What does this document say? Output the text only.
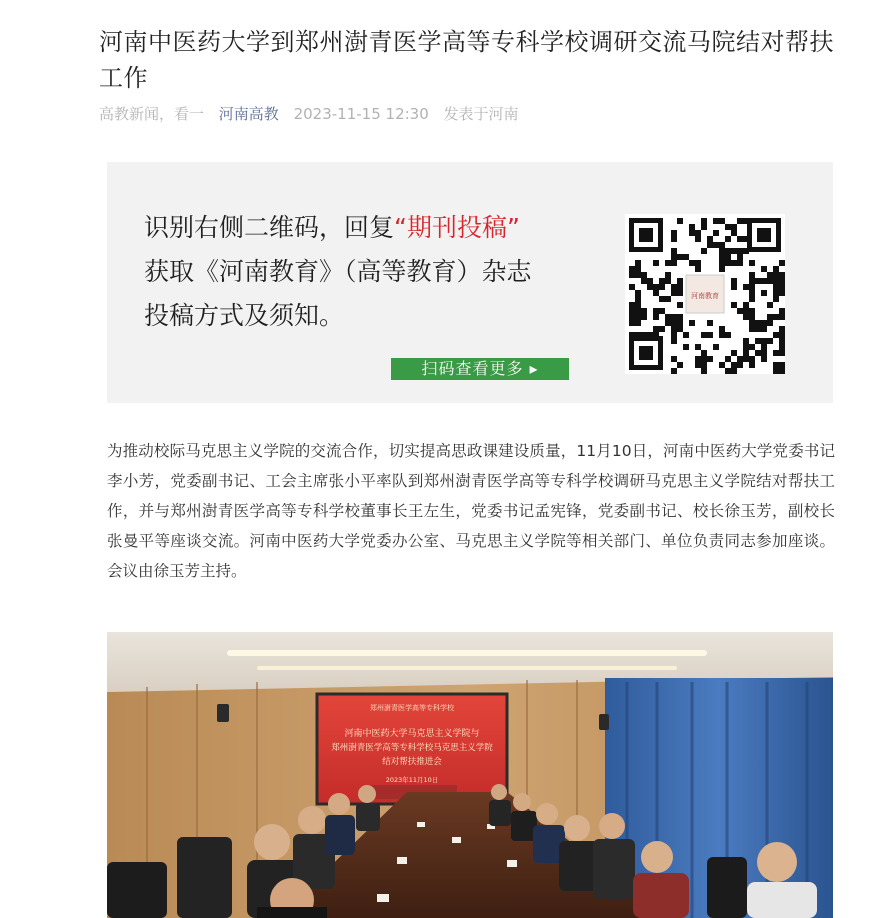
河南中医药大学到郑州澍青医学高等专科学校调研交流马院结对帮扶工作
高教新闻，看一 河南高教 2023-11-15 12:30 发表于河南
识别右侧二维码，回复“期刊投稿”
获取《河南教育》（高等教育）杂志
投稿方式及须知。
扫码查看更多 ▸
河南教育

为推动校际马克思主义学院的交流合作，切实提高思政课建设质量，11月10日，河南中医药大学党委书记李小芳，党委副书记、工会主席张小平率队到郑州澍青医学高等专科学校调研马克思主义学院结对帮扶工作，并与郑州澍青医学高等专科学校董事长王左生，党委书记孟宪锋，党委副书记、校长徐玉芳，副校长张曼平等座谈交流。河南中医药大学党委办公室、马克思主义学院等相关部门、单位负责同志参加座谈。会议由徐玉芳主持。

郑州澍青医学高等专科学校
河南中医药大学马克思主义学院与
郑州澍青医学高等专科学校马克思主义学院
结对帮扶推进会
2023年11月10日
